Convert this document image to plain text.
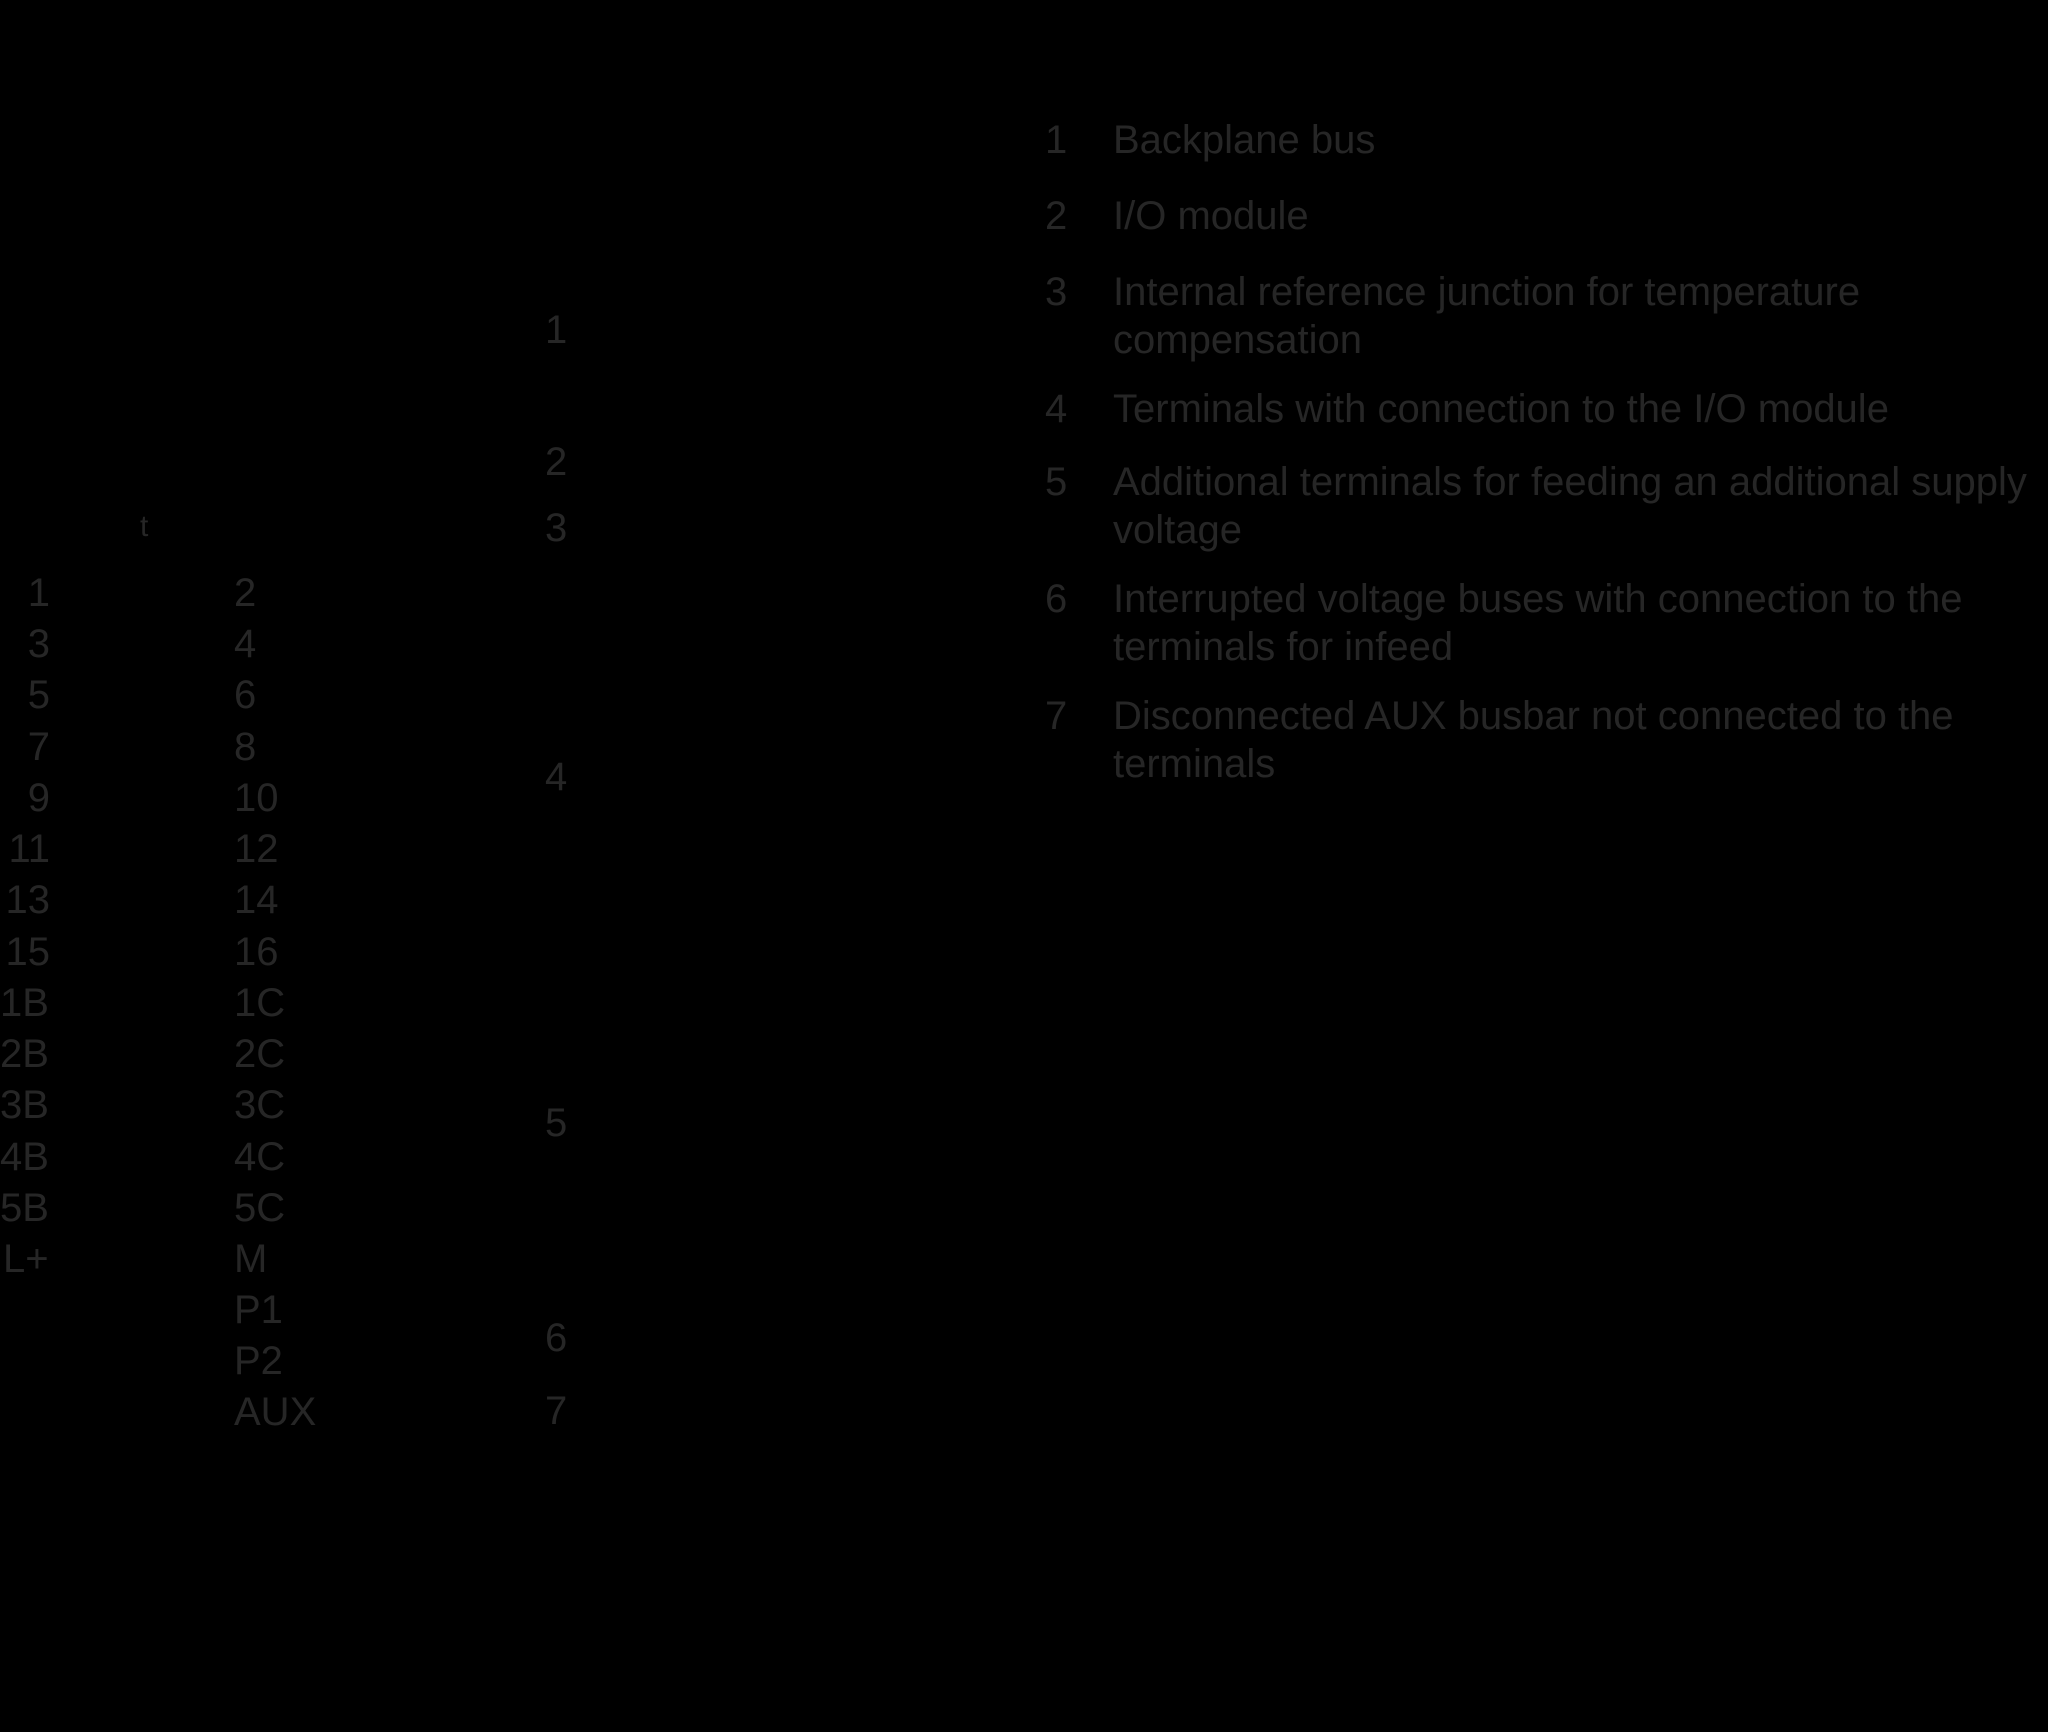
t
1
3
5
7
9
11
13
15
1B
2B
3B
4B
5B
L+
2
4
6
8
10
12
14
16
1C
2C
3C
4C
5C
M
P1
P2
AUX
1
2
3
4
5
6
7
1 Backplane bus
2 I/O module
3 Internal reference junction for temperature compensation
4 Terminals with connection to the I/O module
5 Additional terminals for feeding an additional supply voltage
6 Interrupted voltage buses with connection to the terminals for infeed
7 Disconnected AUX busbar not connected to the terminals
